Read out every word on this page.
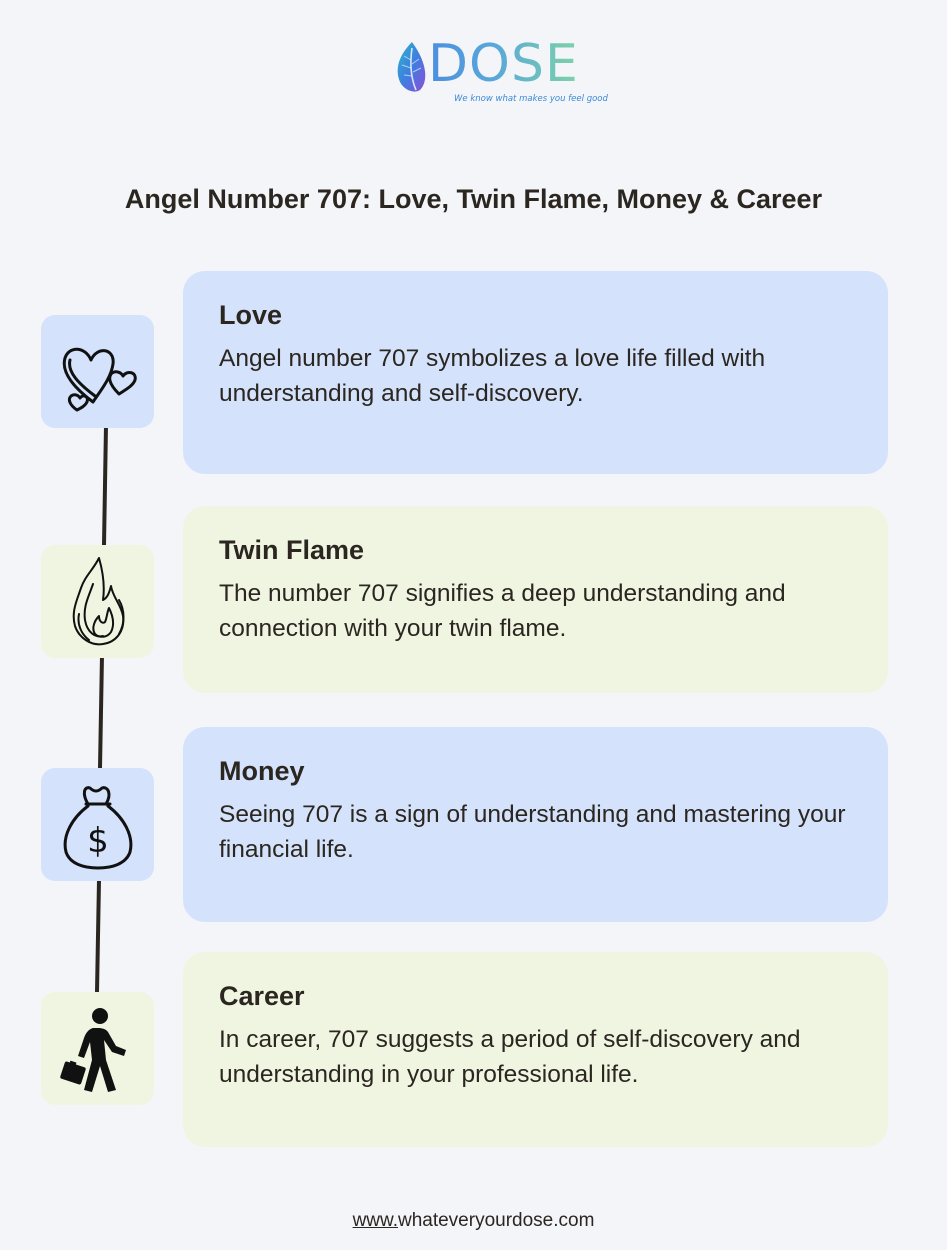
DOSE
We know what makes you feel good
Angel Number 707: Love, Twin Flame, Money & Career
$
Love

Angel number 707 symbolizes a love life filled with understanding and self-discovery.

Twin Flame

The number 707 signifies a deep understanding and connection with your twin flame.

Money

Seeing 707 is a sign of understanding and mastering your financial life.

Career

In career, 707 suggests a period of self-discovery and understanding in your professional life.

www.whateveryourdose.com
